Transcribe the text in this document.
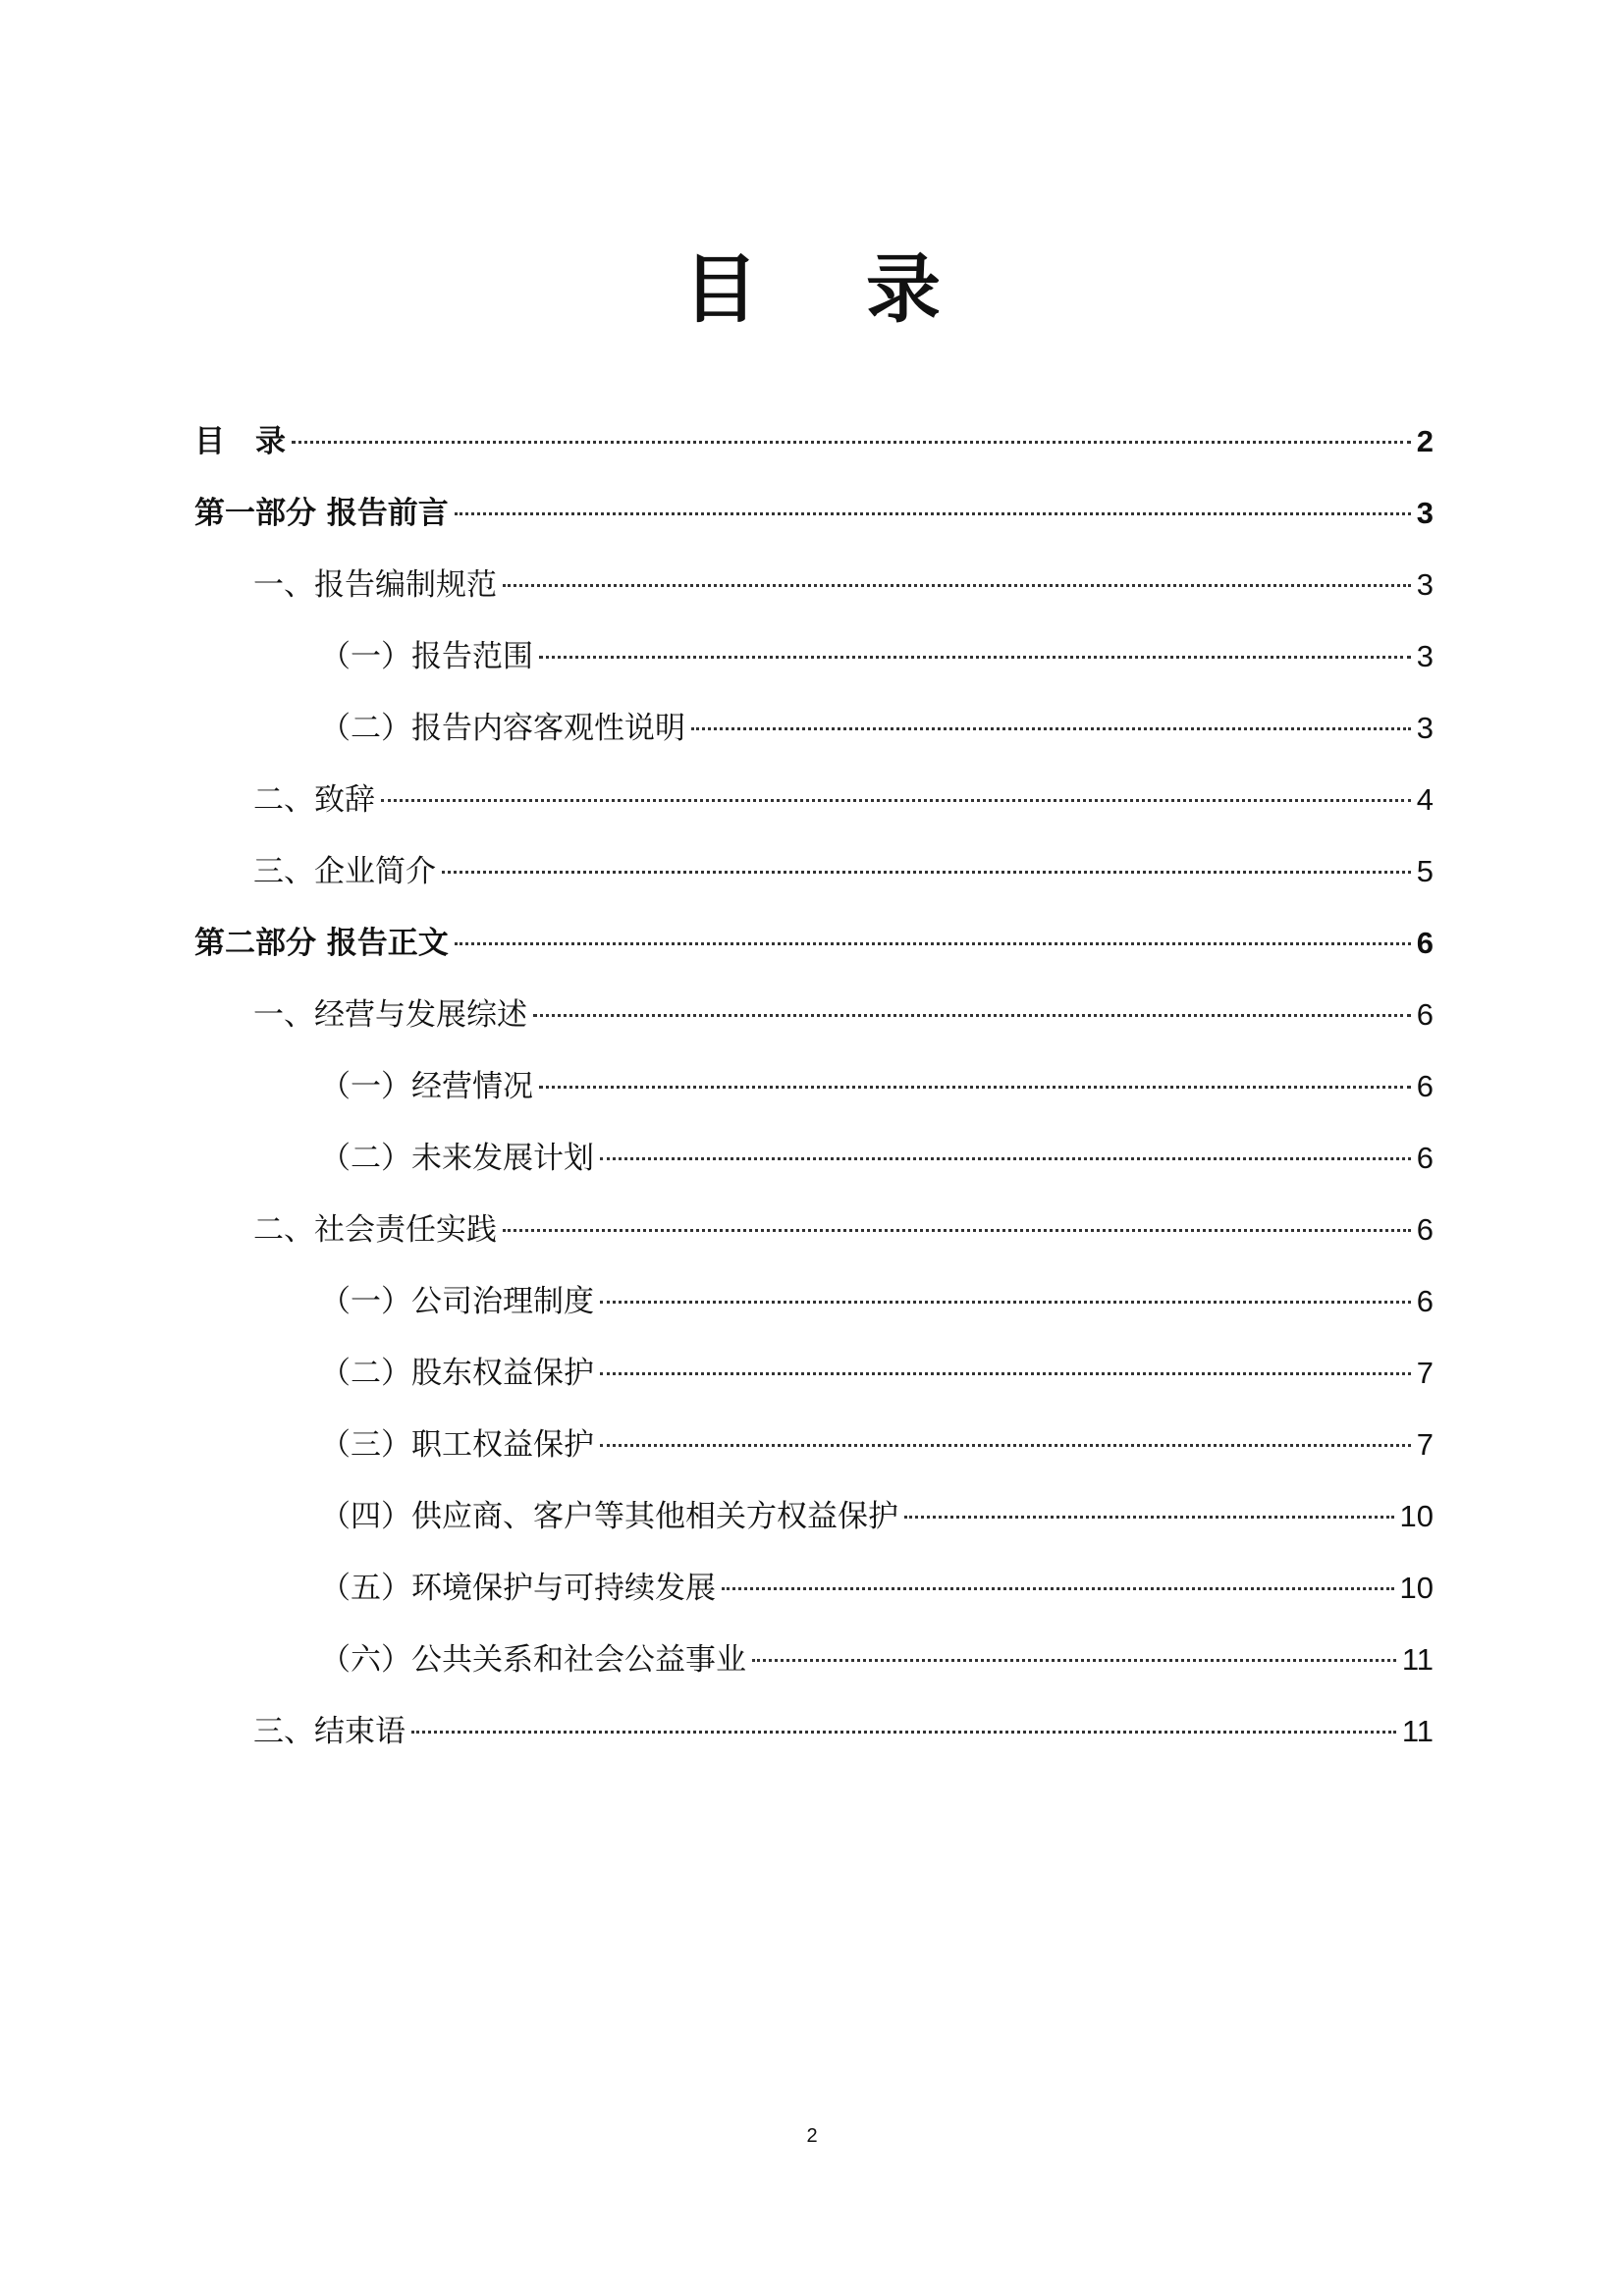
目 录
目　录	2
第一部分 报告前言	3
一、报告编制规范	3
（一）报告范围	3
（二）报告内容客观性说明	3
二、致辞	4
三、企业简介	5
第二部分 报告正文	6
一、经营与发展综述	6
（一）经营情况	6
（二）未来发展计划	6
二、社会责任实践	6
（一）公司治理制度	6
（二）股东权益保护	7
（三）职工权益保护	7
（四）供应商、客户等其他相关方权益保护	10
（五）环境保护与可持续发展	10
（六）公共关系和社会公益事业	11
三、结束语	11
2
